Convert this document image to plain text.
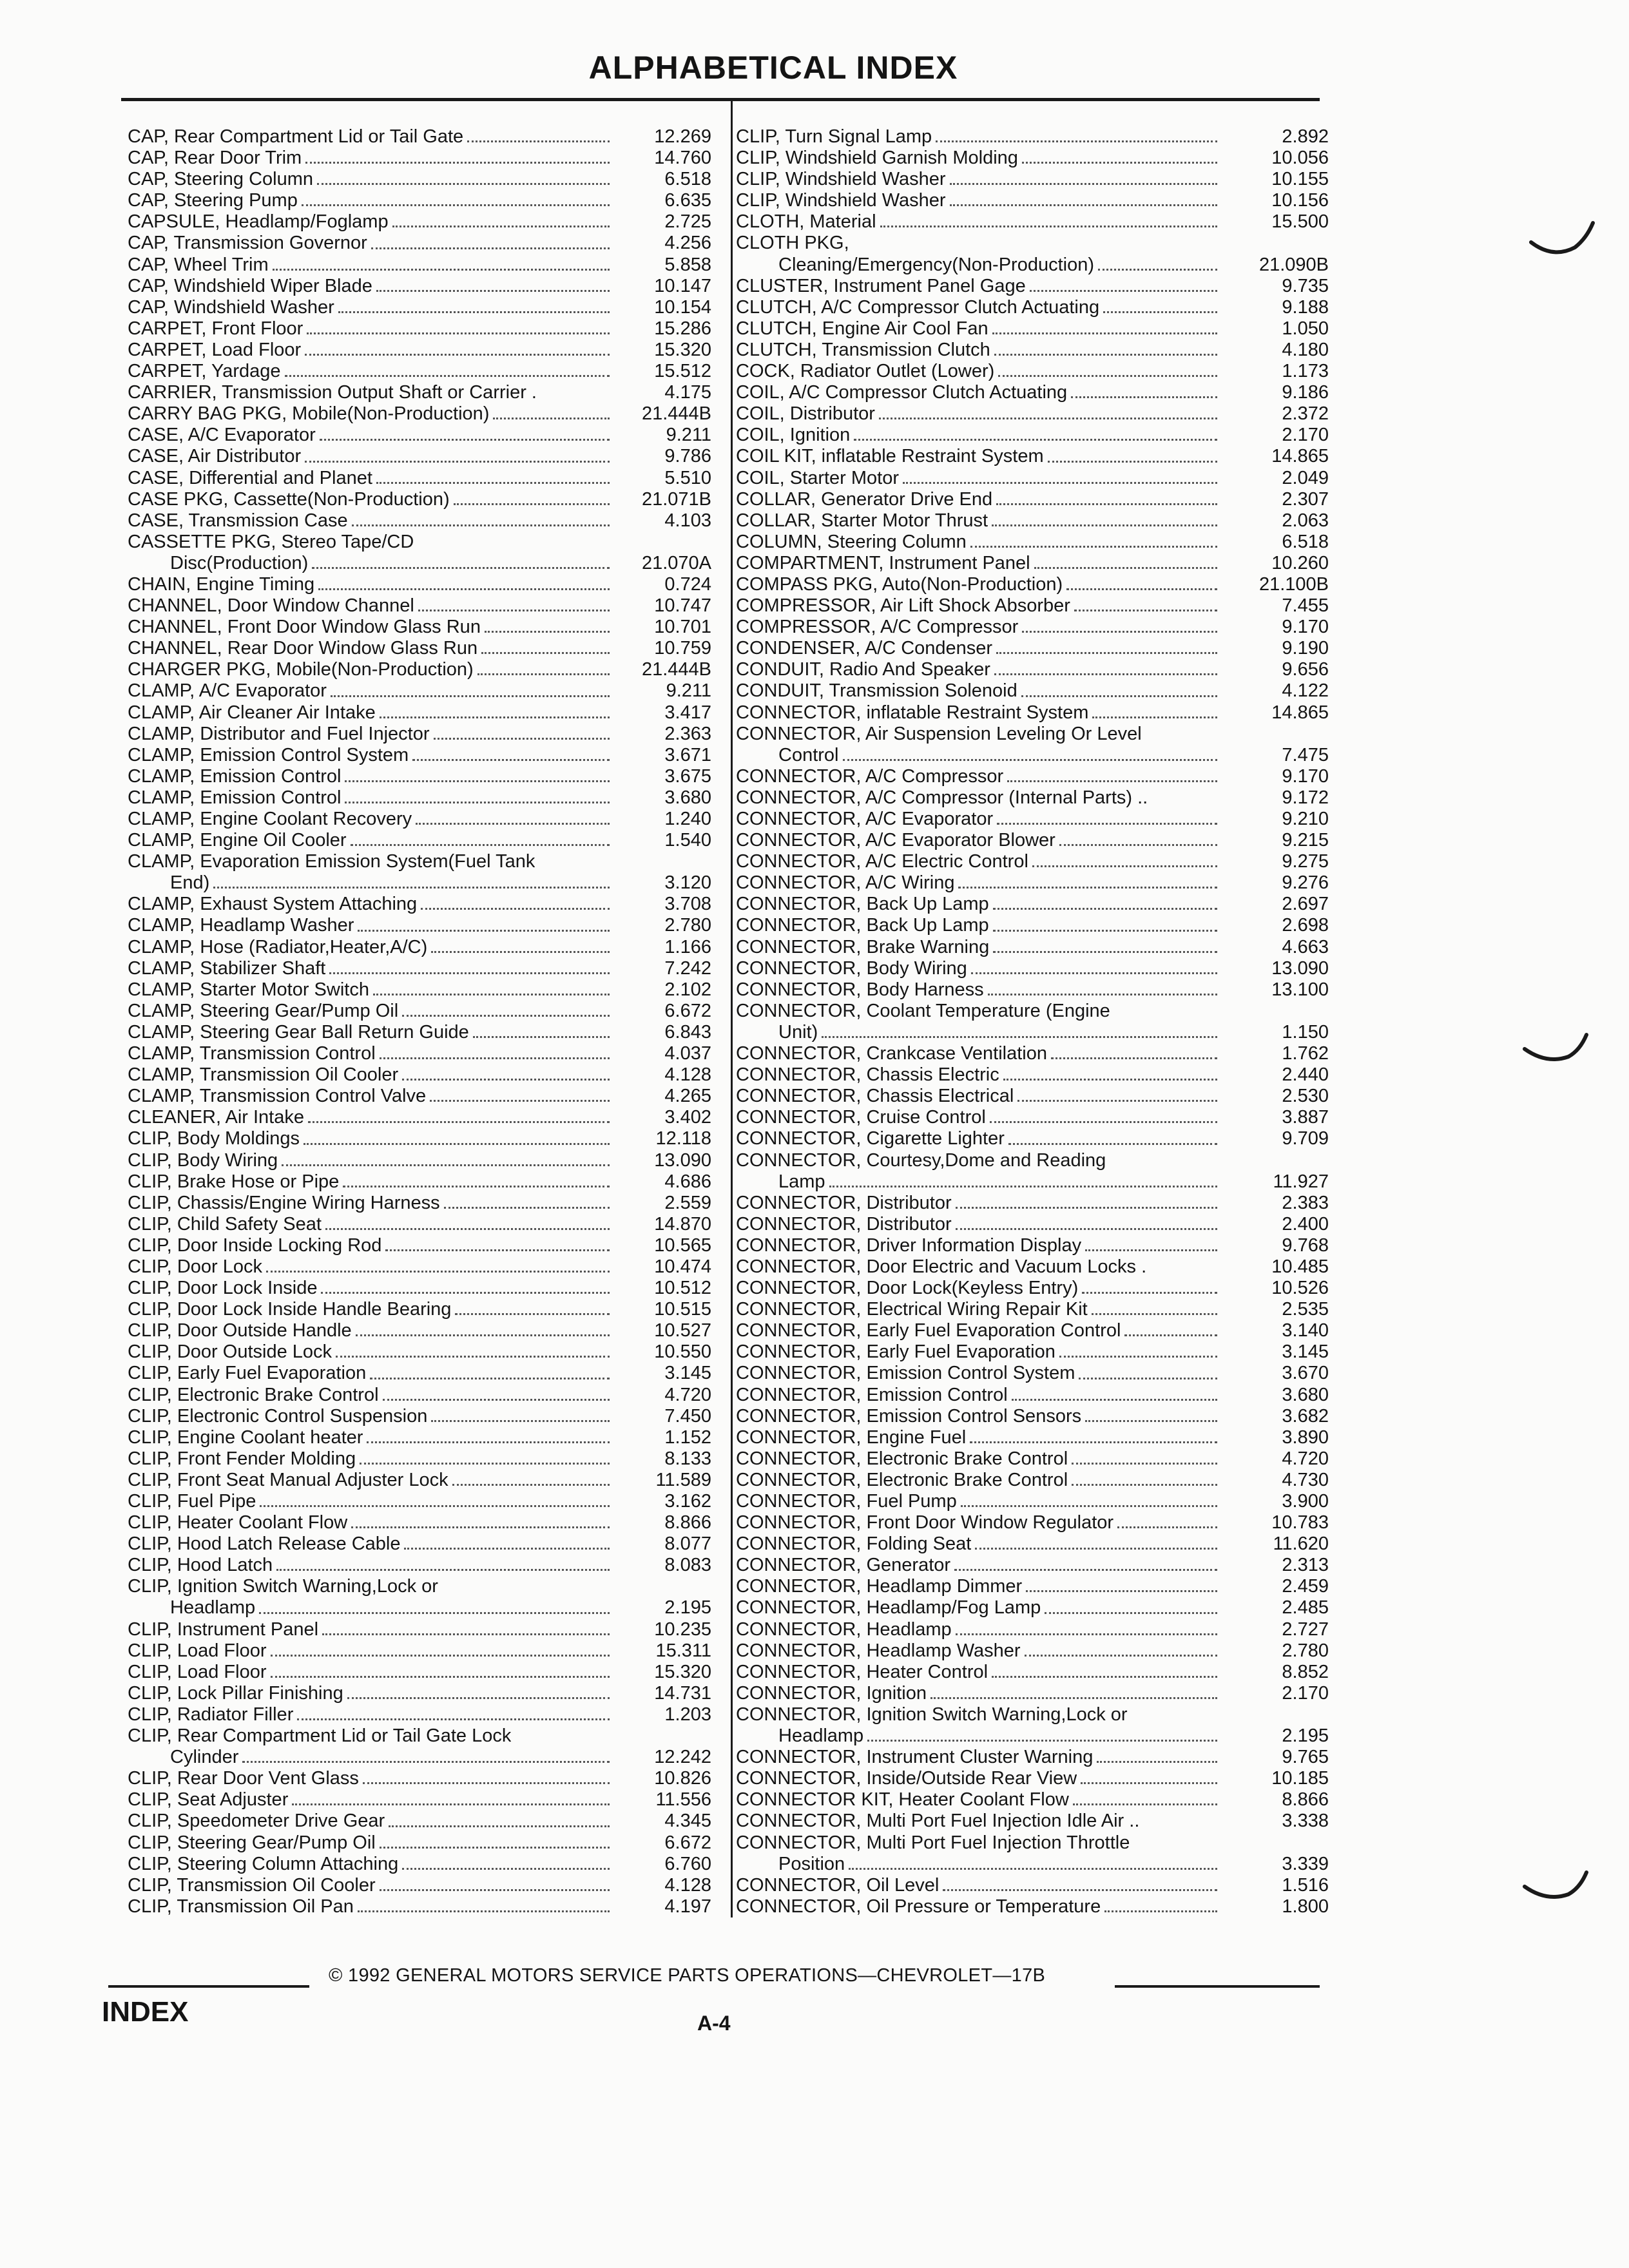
ALPHABETICAL INDEX
CAP, Rear Compartment Lid or Tail Gate	12.269
CAP, Rear Door Trim	14.760
CAP, Steering Column	6.518
CAP, Steering Pump	6.635
CAPSULE, Headlamp/Foglamp	2.725
CAP, Transmission Governor	4.256
CAP, Wheel Trim	5.858
CAP, Windshield Wiper Blade	10.147
CAP, Windshield Washer	10.154
CARPET, Front Floor	15.286
CARPET, Load Floor	15.320
CARPET, Yardage	15.512
CARRIER, Transmission Output Shaft or Carrier .	4.175
CARRY BAG PKG, Mobile(Non-Production)	21.444B
CASE, A/C Evaporator	9.211
CASE, Air Distributor	9.786
CASE, Differential and Planet	5.510
CASE PKG, Cassette(Non-Production)	21.071B
CASE, Transmission Case	4.103
CASSETTE PKG, Stereo Tape/CD
Disc(Production)	21.070A
CHAIN, Engine Timing	0.724
CHANNEL, Door Window Channel	10.747
CHANNEL, Front Door Window Glass Run	10.701
CHANNEL, Rear Door Window Glass Run	10.759
CHARGER PKG, Mobile(Non-Production)	21.444B
CLAMP, A/C Evaporator	9.211
CLAMP, Air Cleaner Air Intake	3.417
CLAMP, Distributor and Fuel Injector	2.363
CLAMP, Emission Control System	3.671
CLAMP, Emission Control	3.675
CLAMP, Emission Control	3.680
CLAMP, Engine Coolant Recovery	1.240
CLAMP, Engine Oil Cooler	1.540
CLAMP, Evaporation Emission System(Fuel Tank
End)	3.120
CLAMP, Exhaust System Attaching	3.708
CLAMP, Headlamp Washer	2.780
CLAMP, Hose (Radiator,Heater,A/C)	1.166
CLAMP, Stabilizer Shaft	7.242
CLAMP, Starter Motor Switch	2.102
CLAMP, Steering Gear/Pump Oil	6.672
CLAMP, Steering Gear Ball Return Guide	6.843
CLAMP, Transmission Control	4.037
CLAMP, Transmission Oil Cooler	4.128
CLAMP, Transmission Control Valve	4.265
CLEANER, Air Intake	3.402
CLIP, Body Moldings	12.118
CLIP, Body Wiring	13.090
CLIP, Brake Hose or Pipe	4.686
CLIP, Chassis/Engine Wiring Harness	2.559
CLIP, Child Safety Seat	14.870
CLIP, Door Inside Locking Rod	10.565
CLIP, Door Lock	10.474
CLIP, Door Lock Inside	10.512
CLIP, Door Lock Inside Handle Bearing	10.515
CLIP, Door Outside Handle	10.527
CLIP, Door Outside Lock	10.550
CLIP, Early Fuel Evaporation	3.145
CLIP, Electronic Brake Control	4.720
CLIP, Electronic Control Suspension	7.450
CLIP, Engine Coolant heater	1.152
CLIP, Front Fender Molding	8.133
CLIP, Front Seat Manual Adjuster Lock	11.589
CLIP, Fuel Pipe	3.162
CLIP, Heater Coolant Flow	8.866
CLIP, Hood Latch Release Cable	8.077
CLIP, Hood Latch	8.083
CLIP, Ignition Switch Warning,Lock or
Headlamp	2.195
CLIP, Instrument Panel	10.235
CLIP, Load Floor	15.311
CLIP, Load Floor	15.320
CLIP, Lock Pillar Finishing	14.731
CLIP, Radiator Filler	1.203
CLIP, Rear Compartment Lid or Tail Gate Lock
Cylinder	12.242
CLIP, Rear Door Vent Glass	10.826
CLIP, Seat Adjuster	11.556
CLIP, Speedometer Drive Gear	4.345
CLIP, Steering Gear/Pump Oil	6.672
CLIP, Steering Column Attaching	6.760
CLIP, Transmission Oil Cooler	4.128
CLIP, Transmission Oil Pan	4.197
CLIP, Turn Signal Lamp	2.892
CLIP, Windshield Garnish Molding	10.056
CLIP, Windshield Washer	10.155
CLIP, Windshield Washer	10.156
CLOTH, Material	15.500
CLOTH PKG,
Cleaning/Emergency(Non-Production)	21.090B
CLUSTER, Instrument Panel Gage	9.735
CLUTCH, A/C Compressor Clutch Actuating	9.188
CLUTCH, Engine Air Cool Fan	1.050
CLUTCH, Transmission Clutch	4.180
COCK, Radiator Outlet (Lower)	1.173
COIL, A/C Compressor Clutch Actuating	9.186
COIL, Distributor	2.372
COIL, Ignition	2.170
COIL KIT, inflatable Restraint System	14.865
COIL, Starter Motor	2.049
COLLAR, Generator Drive End	2.307
COLLAR, Starter Motor Thrust	2.063
COLUMN, Steering Column	6.518
COMPARTMENT, Instrument Panel	10.260
COMPASS PKG, Auto(Non-Production)	21.100B
COMPRESSOR, Air Lift Shock Absorber	7.455
COMPRESSOR, A/C Compressor	9.170
CONDENSER, A/C Condenser	9.190
CONDUIT, Radio And Speaker	9.656
CONDUIT, Transmission Solenoid	4.122
CONNECTOR, inflatable Restraint System	14.865
CONNECTOR, Air Suspension Leveling Or Level
Control	7.475
CONNECTOR, A/C Compressor	9.170
CONNECTOR, A/C Compressor (Internal Parts) ..	9.172
CONNECTOR, A/C Evaporator	9.210
CONNECTOR, A/C Evaporator Blower	9.215
CONNECTOR, A/C Electric Control	9.275
CONNECTOR, A/C Wiring	9.276
CONNECTOR, Back Up Lamp	2.697
CONNECTOR, Back Up Lamp	2.698
CONNECTOR, Brake Warning	4.663
CONNECTOR, Body Wiring	13.090
CONNECTOR, Body Harness	13.100
CONNECTOR, Coolant Temperature (Engine
Unit)	1.150
CONNECTOR, Crankcase Ventilation	1.762
CONNECTOR, Chassis Electric	2.440
CONNECTOR, Chassis Electrical	2.530
CONNECTOR, Cruise Control	3.887
CONNECTOR, Cigarette Lighter	9.709
CONNECTOR, Courtesy,Dome and Reading
Lamp	11.927
CONNECTOR, Distributor	2.383
CONNECTOR, Distributor	2.400
CONNECTOR, Driver Information Display	9.768
CONNECTOR, Door Electric and Vacuum Locks .	10.485
CONNECTOR, Door Lock(Keyless Entry)	10.526
CONNECTOR, Electrical Wiring Repair Kit	2.535
CONNECTOR, Early Fuel Evaporation Control	3.140
CONNECTOR, Early Fuel Evaporation	3.145
CONNECTOR, Emission Control System	3.670
CONNECTOR, Emission Control	3.680
CONNECTOR, Emission Control Sensors	3.682
CONNECTOR, Engine Fuel	3.890
CONNECTOR, Electronic Brake Control	4.720
CONNECTOR, Electronic Brake Control	4.730
CONNECTOR, Fuel Pump	3.900
CONNECTOR, Front Door Window Regulator	10.783
CONNECTOR, Folding Seat	11.620
CONNECTOR, Generator	2.313
CONNECTOR, Headlamp Dimmer	2.459
CONNECTOR, Headlamp/Fog Lamp	2.485
CONNECTOR, Headlamp	2.727
CONNECTOR, Headlamp Washer	2.780
CONNECTOR, Heater Control	8.852
CONNECTOR, Ignition	2.170
CONNECTOR, Ignition Switch Warning,Lock or
Headlamp	2.195
CONNECTOR, Instrument Cluster Warning	9.765
CONNECTOR, Inside/Outside Rear View	10.185
CONNECTOR KIT, Heater Coolant Flow	8.866
CONNECTOR, Multi Port Fuel Injection Idle Air ..	3.338
CONNECTOR, Multi Port Fuel Injection Throttle
Position	3.339
CONNECTOR, Oil Level	1.516
CONNECTOR, Oil Pressure or Temperature	1.800
© 1992 GENERAL MOTORS SERVICE PARTS OPERATIONS—CHEVROLET—17B
INDEX	A-4
